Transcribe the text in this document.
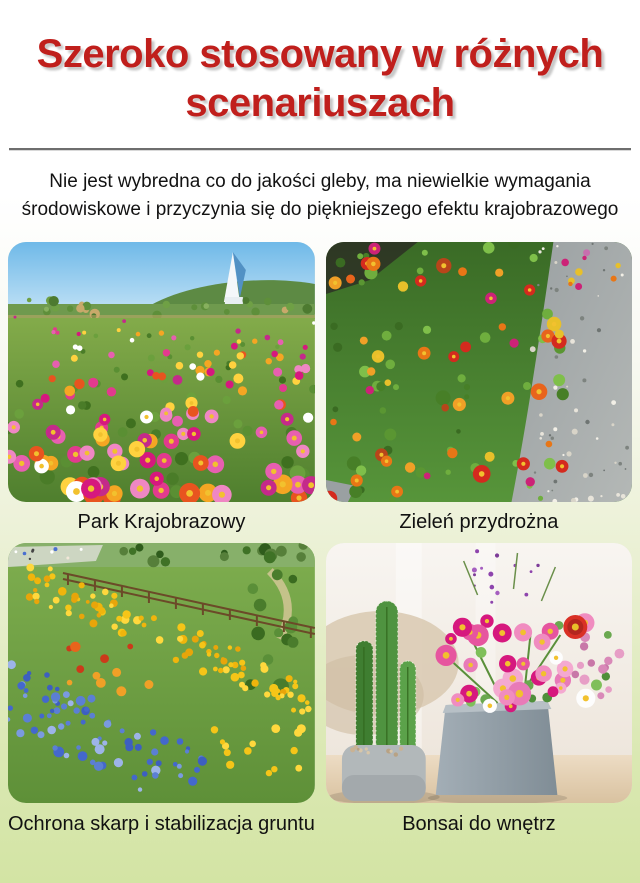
Szeroko stosowany w różnych
scenariuszach

Nie jest wybredna co do jakości gleby, ma niewielkie wymagania
środowiskowe i przyczynia się do piękniejszego efektu krajobrazowego

Park Krajobrazowy	Zieleń przydrożna
Ochrona skarp i stabilizacja gruntu	Bonsai do wnętrz
